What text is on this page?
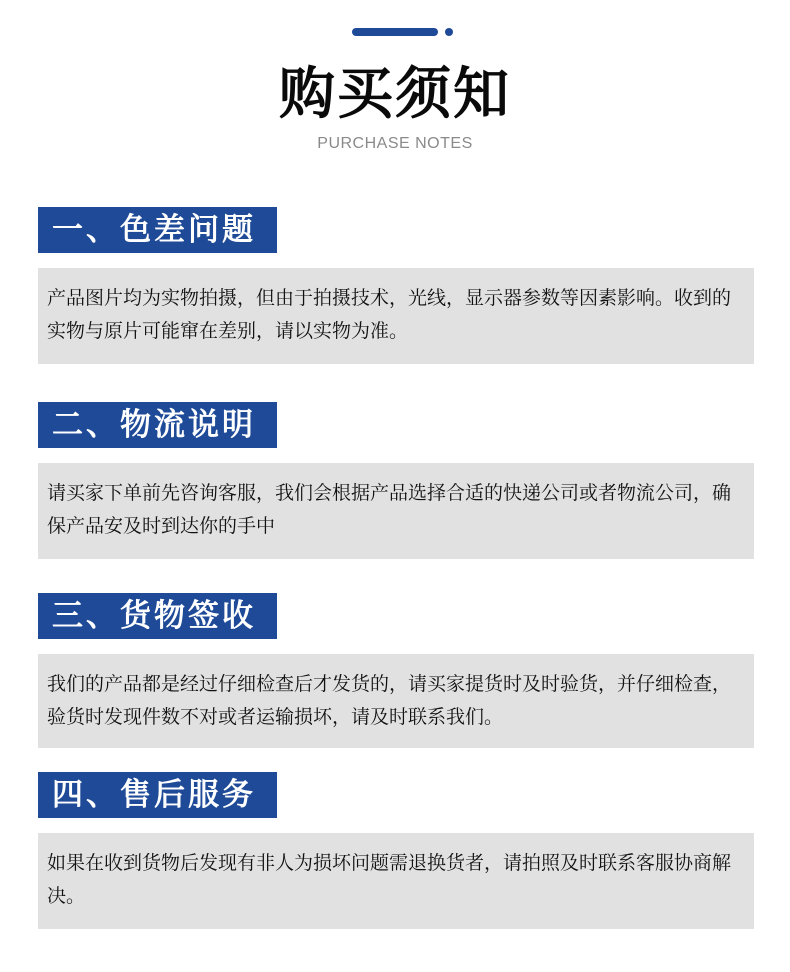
购买须知
PURCHASE NOTES
一、色差问题
产品图片均为实物拍摄，但由于拍摄技术，光线，显示器参数等因素影响。收到的实物与原片可能窜在差别，请以实物为准。
二、物流说明
请买家下单前先咨询客服，我们会根据产品选择合适的快递公司或者物流公司，确保产品安及时到达你的手中
三、货物签收
我们的产品都是经过仔细检查后才发货的，请买家提货时及时验货，并仔细检查，验货时发现件数不对或者运输损坏，请及时联系我们。
四、售后服务
如果在收到货物后发现有非人为损坏问题需退换货者，请拍照及时联系客服协商解决。
